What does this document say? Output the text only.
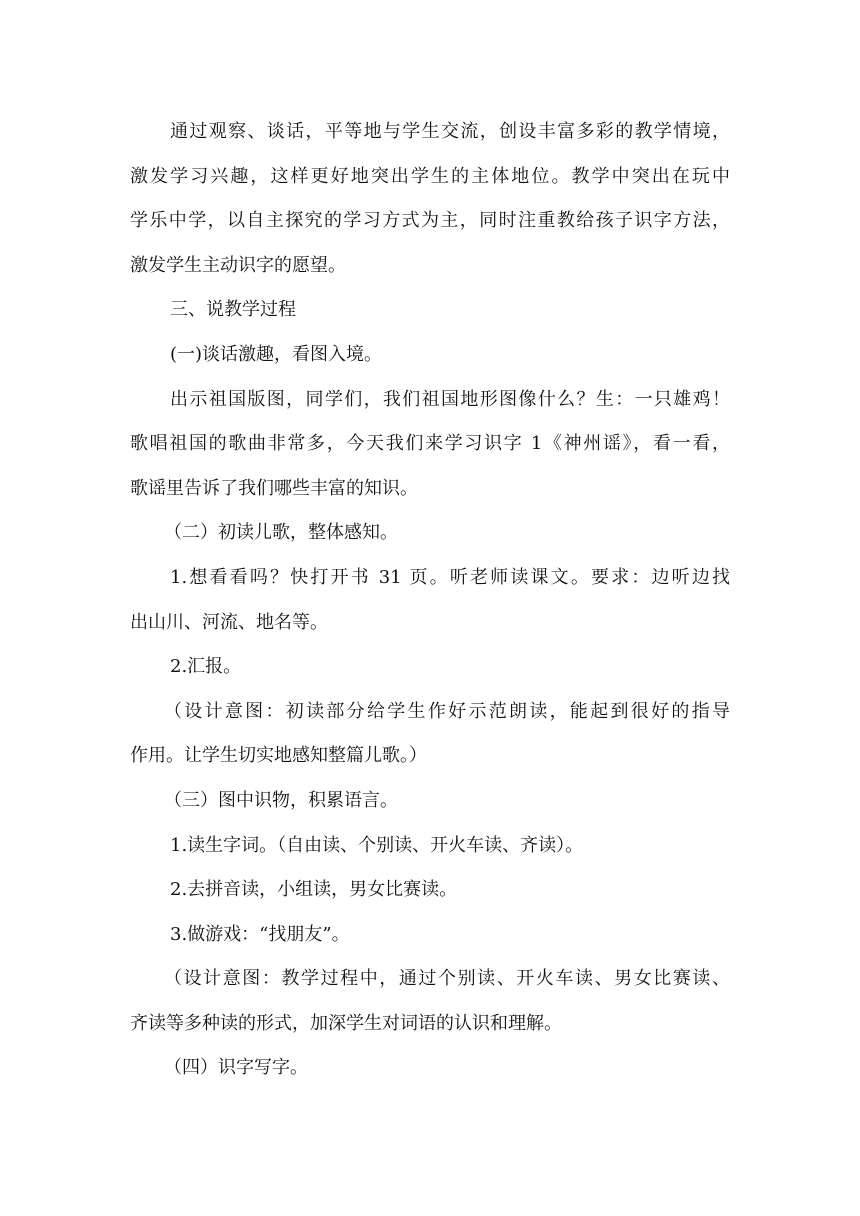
通过观察、谈话，平等地与学生交流，创设丰富多彩的教学情境，
激发学习兴趣，这样更好地突出学生的主体地位。教学中突出在玩中
学乐中学，以自主探究的学习方式为主，同时注重教给孩子识字方法，
激发学生主动识字的愿望。
三、说教学过程
(一)谈话激趣，看图入境。
出示祖国版图，同学们，我们祖国地形图像什么？生：一只雄鸡！
歌唱祖国的歌曲非常多，今天我们来学习识字 1《神州谣》，看一看，
歌谣里告诉了我们哪些丰富的知识。
（二）初读儿歌，整体感知。
1.想看看吗？快打开书 31 页。听老师读课文。要求：边听边找
出山川、河流、地名等。
2.汇报。
（设计意图：初读部分给学生作好示范朗读，能起到很好的指导
作用。让学生切实地感知整篇儿歌。）
（三）图中识物，积累语言。
1.读生字词。（自由读、个别读、开火车读、齐读）。
2.去拼音读，小组读，男女比赛读。
3.做游戏：“找朋友”。
（设计意图：教学过程中，通过个别读、开火车读、男女比赛读、
齐读等多种读的形式，加深学生对词语的认识和理解。
（四）识字写字。
